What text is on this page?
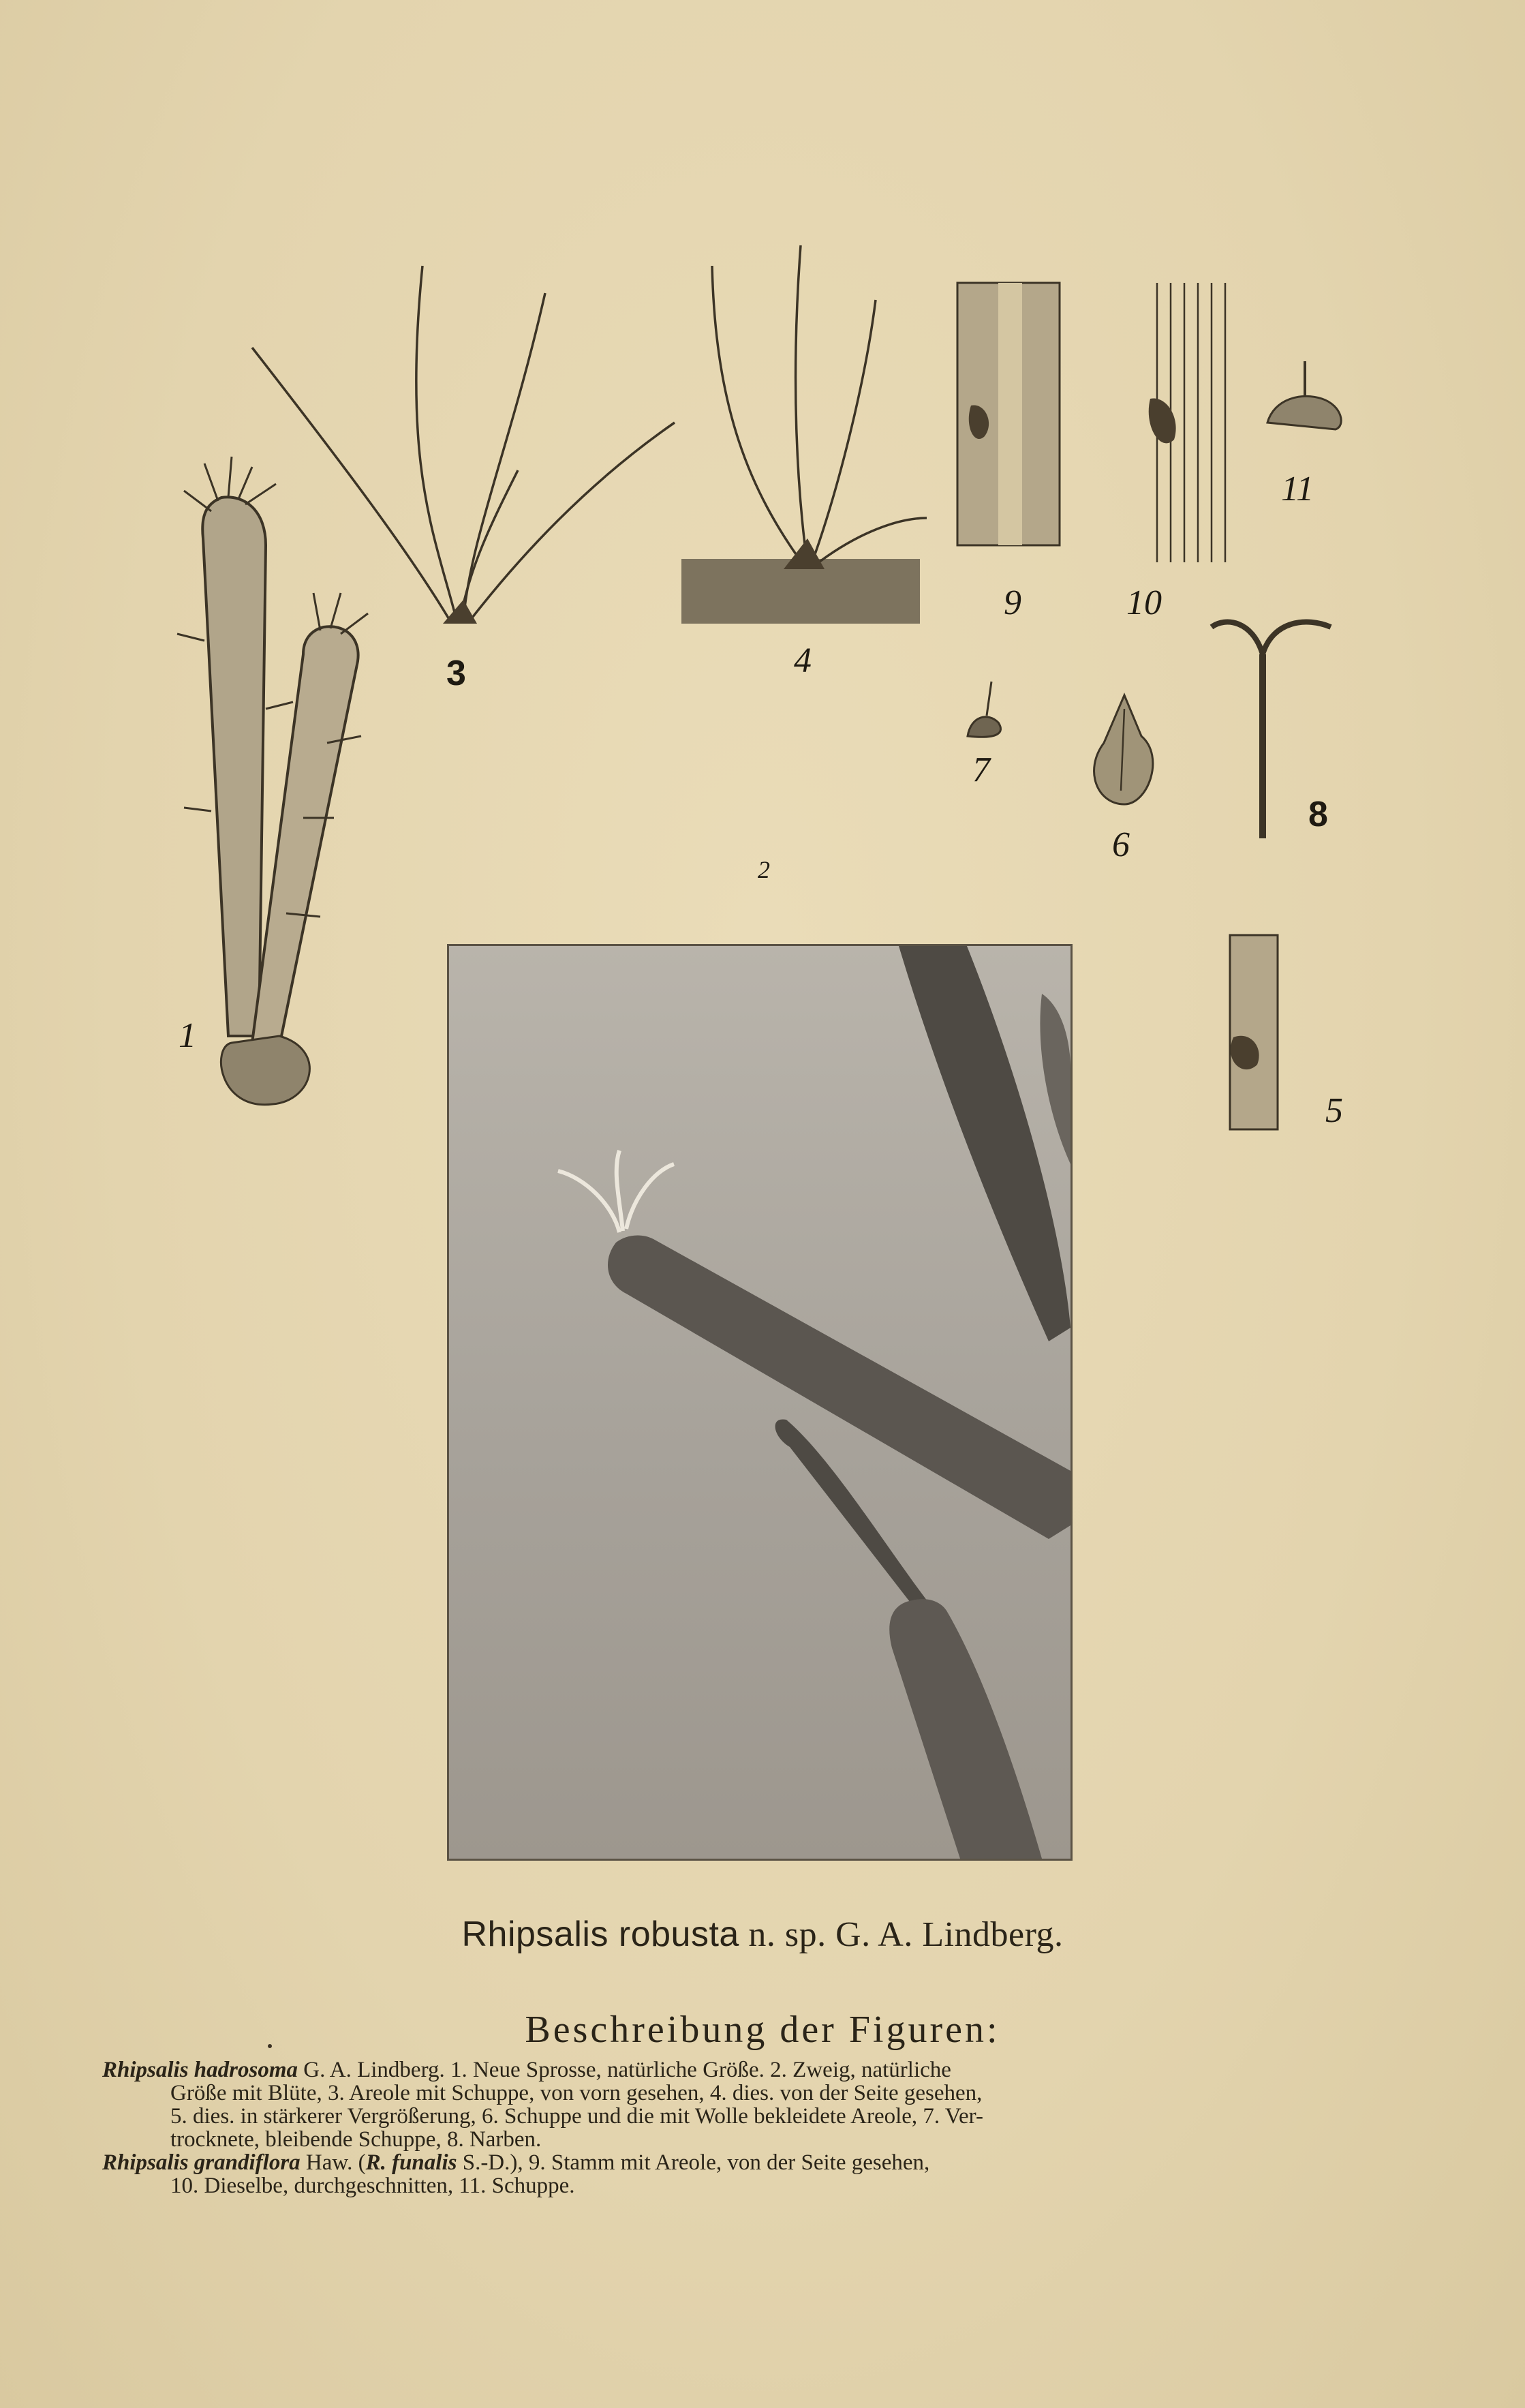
1
3	4
9	10
11
7
6
8
2
5
Rhipsalis robusta n. sp. G. A. Lindberg.
Beschreibung der Figuren:

Rhipsalis hadrosoma G. A. Lindberg. 1. Neue Sprosse, natürliche Größe. 2. Zweig, natürliche
Größe mit Blüte, 3. Areole mit Schuppe, von vorn gesehen, 4. dies. von der Seite gesehen,
5. dies. in stärkerer Vergrößerung, 6. Schuppe und die mit Wolle bekleidete Areole, 7. Ver-
trocknete, bleibende Schuppe, 8. Narben.

Rhipsalis grandiflora Haw. (R. funalis S.-D.), 9. Stamm mit Areole, von der Seite gesehen,
10. Dieselbe, durchgeschnitten, 11. Schuppe.
